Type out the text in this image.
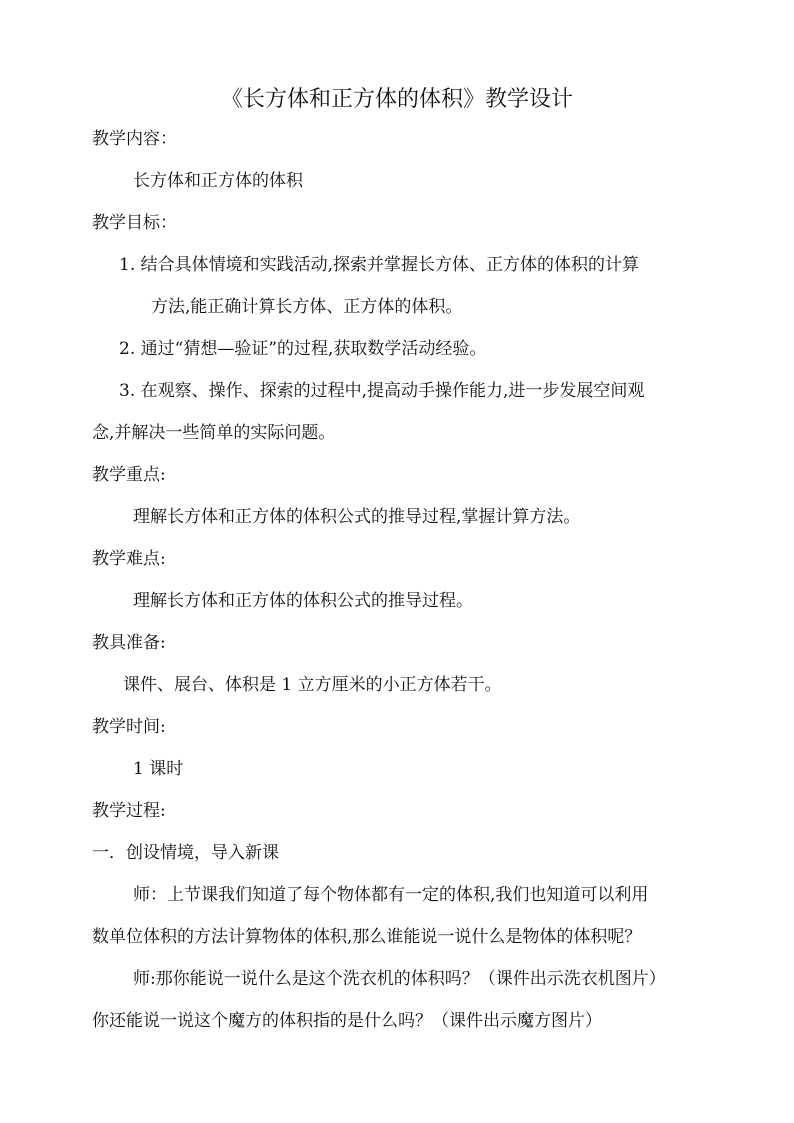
《长方体和正方体的体积》教学设计
教学内容：
长方体和正方体的体积
教学目标：
1. 结合具体情境和实践活动,探索并掌握长方体、正方体的体积的计算
方法,能正确计算长方体、正方体的体积。
2. 通过“猜想—验证”的过程,获取数学活动经验。
3. 在观察、操作、探索的过程中,提高动手操作能力,进一步发展空间观
念,并解决一些简单的实际问题。
教学重点:
理解长方体和正方体的体积公式的推导过程,掌握计算方法。
教学难点:
理解长方体和正方体的体积公式的推导过程。
教具准备:
课件、展台、体积是 1 立方厘米的小正方体若干。
教学时间:
1 课时
教学过程:
一．创设情境，导入新课
师：上节课我们知道了每个物体都有一定的体积,我们也知道可以利用
数单位体积的方法计算物体的体积,那么谁能说一说什么是物体的体积呢？
师:那你能说一说什么是这个洗衣机的体积吗？（课件出示洗衣机图片）
你还能说一说这个魔方的体积指的是什么吗？（课件出示魔方图片）
